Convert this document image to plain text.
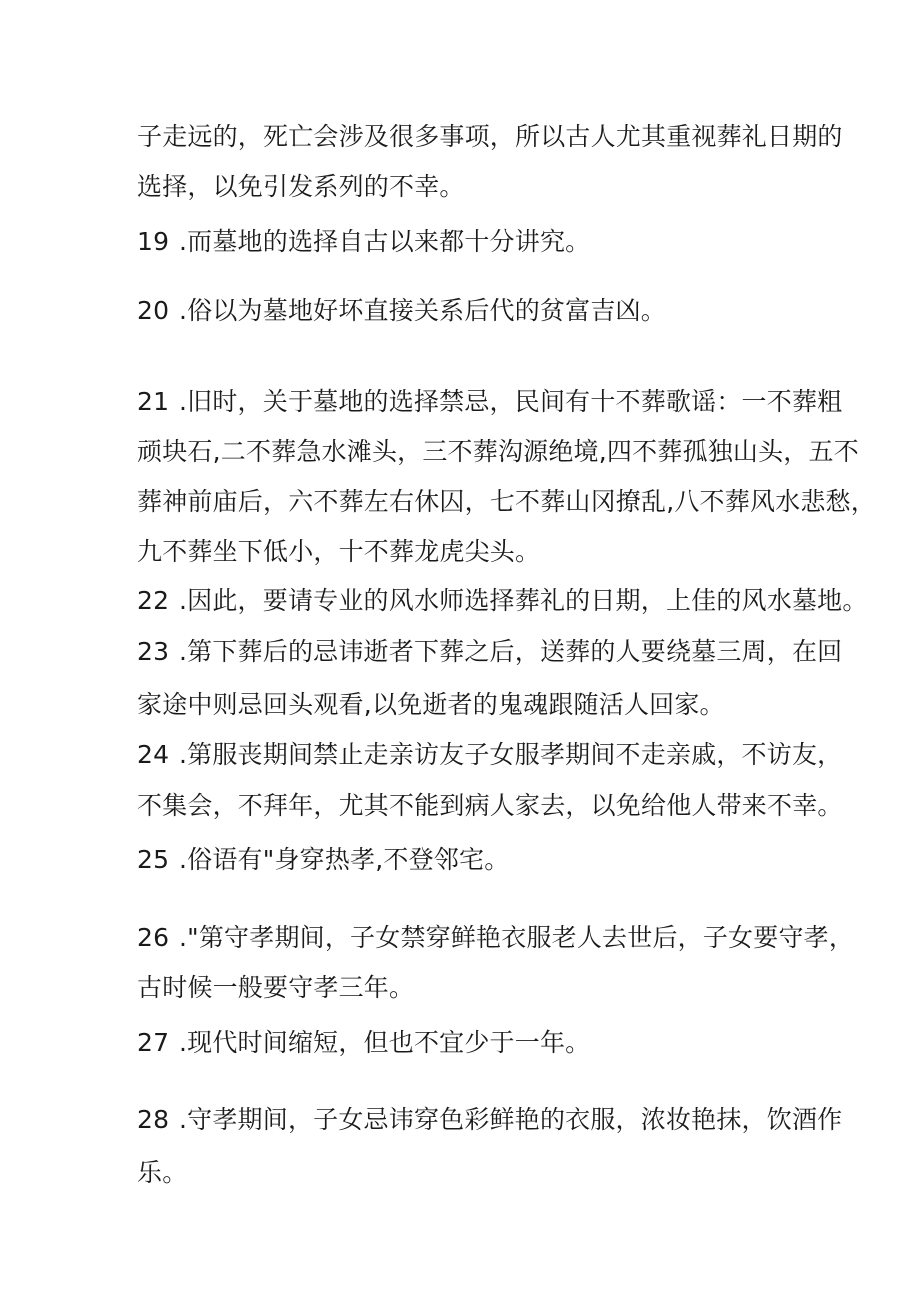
子走远的，死亡会涉及很多事项，所以古人尤其重视葬礼日期的
选择，以免引发系列的不幸。
19 .而墓地的选择自古以来都十分讲究。
20 .俗以为墓地好坏直接关系后代的贫富吉凶。
21 .旧时，关于墓地的选择禁忌，民间有十不葬歌谣：一不葬粗
顽块石,二不葬急水滩头，三不葬沟源绝境,四不葬孤独山头，五不
葬神前庙后，六不葬左右休囚，七不葬山冈撩乱,八不葬风水悲愁，
九不葬坐下低小，十不葬龙虎尖头。
22 .因此，要请专业的风水师选择葬礼的日期，上佳的风水墓地。
23 .第下葬后的忌讳逝者下葬之后，送葬的人要绕墓三周，在回
家途中则忌回头观看,以免逝者的鬼魂跟随活人回家。
24 .第服丧期间禁止走亲访友子女服孝期间不走亲戚，不访友，
不集会，不拜年，尤其不能到病人家去，以免给他人带来不幸。
25 .俗语有"身穿热孝,不登邻宅。
26 ."第守孝期间，子女禁穿鲜艳衣服老人去世后，子女要守孝，
古时候一般要守孝三年。
27 .现代时间缩短，但也不宜少于一年。
28 .守孝期间，子女忌讳穿色彩鲜艳的衣服，浓妆艳抹，饮酒作
乐。
